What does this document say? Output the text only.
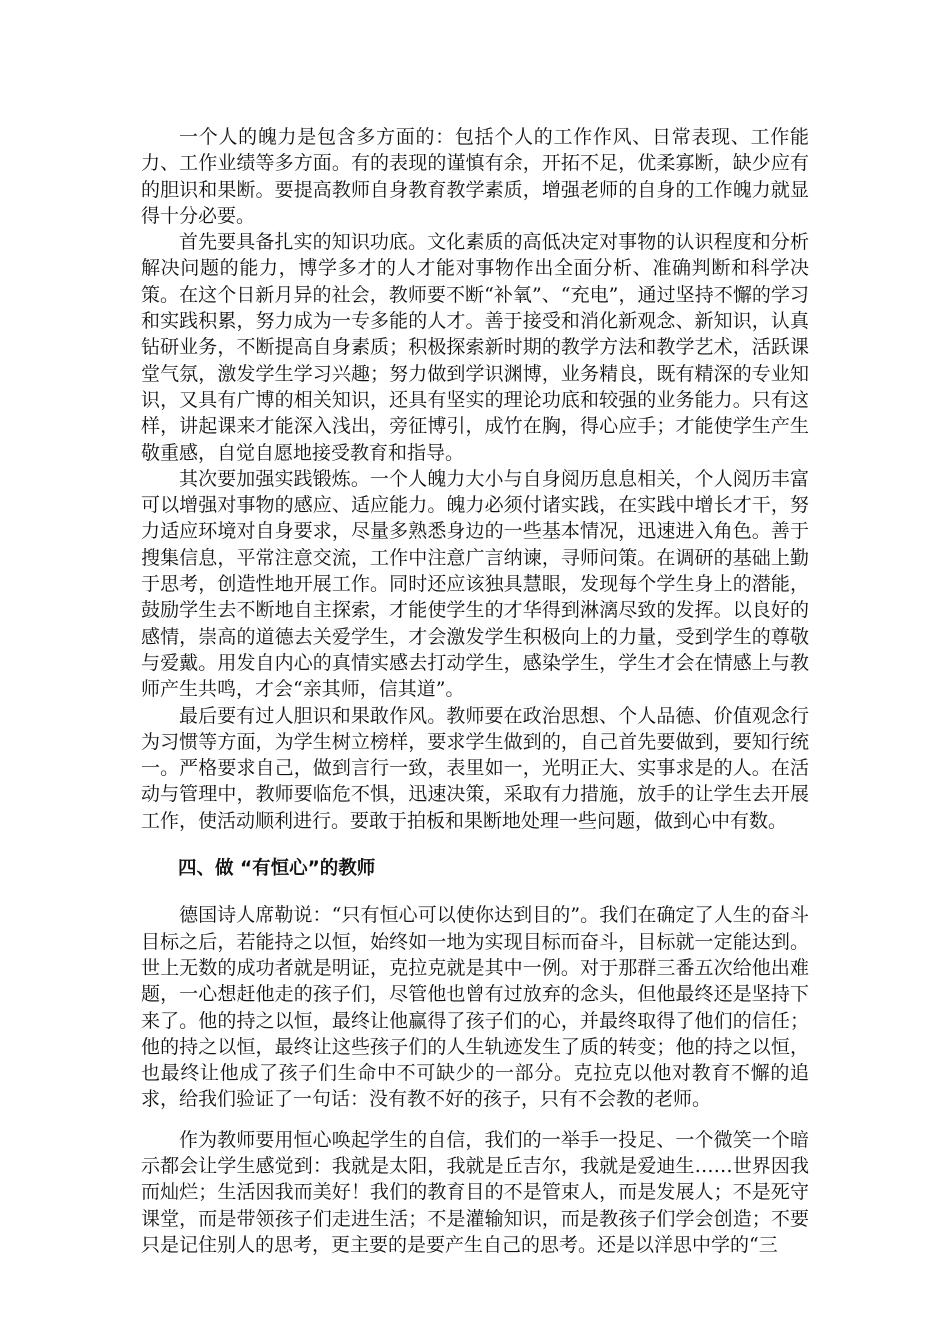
一个人的魄力是包含多方面的：包括个人的工作作风、日常表现、工作能力、工作业绩等多方面。有的表现的谨慎有余，开拓不足，优柔寡断，缺少应有的胆识和果断。要提高教师自身教育教学素质，增强老师的自身的工作魄力就显得十分必要。

首先要具备扎实的知识功底。文化素质的高低决定对事物的认识程度和分析解决问题的能力，博学多才的人才能对事物作出全面分析、准确判断和科学决策。在这个日新月异的社会，教师要不断“补氧”、“充电”，通过坚持不懈的学习和实践积累，努力成为一专多能的人才。善于接受和消化新观念、新知识，认真钻研业务，不断提高自身素质；积极探索新时期的教学方法和教学艺术，活跃课堂气氛，激发学生学习兴趣；努力做到学识渊博，业务精良，既有精深的专业知识，又具有广博的相关知识，还具有坚实的理论功底和较强的业务能力。只有这样，讲起课来才能深入浅出，旁征博引，成竹在胸，得心应手；才能使学生产生敬重感，自觉自愿地接受教育和指导。

其次要加强实践锻炼。一个人魄力大小与自身阅历息息相关，个人阅历丰富可以增强对事物的感应、适应能力。魄力必须付诸实践，在实践中增长才干，努力适应环境对自身要求，尽量多熟悉身边的一些基本情况，迅速进入角色。善于搜集信息，平常注意交流，工作中注意广言纳谏，寻师问策。在调研的基础上勤于思考，创造性地开展工作。同时还应该独具慧眼，发现每个学生身上的潜能，鼓励学生去不断地自主探索，才能使学生的才华得到淋漓尽致的发挥。以良好的感情，崇高的道德去关爱学生，才会激发学生积极向上的力量，受到学生的尊敬与爱戴。用发自内心的真情实感去打动学生，感染学生，学生才会在情感上与教师产生共鸣，才会“亲其师，信其道”。

最后要有过人胆识和果敢作风。教师要在政治思想、个人品德、价值观念行为习惯等方面，为学生树立榜样，要求学生做到的，自己首先要做到，要知行统一。严格要求自己，做到言行一致，表里如一，光明正大、实事求是的人。在活动与管理中，教师要临危不惧，迅速决策，采取有力措施，放手的让学生去开展工作，使活动顺利进行。要敢于拍板和果断地处理一些问题，做到心中有数。

四、做 “有恒心”的教师

德国诗人席勒说：“只有恒心可以使你达到目的”。我们在确定了人生的奋斗目标之后，若能持之以恒，始终如一地为实现目标而奋斗，目标就一定能达到。世上无数的成功者就是明证，克拉克就是其中一例。对于那群三番五次给他出难题，一心想赶他走的孩子们，尽管他也曾有过放弃的念头，但他最终还是坚持下来了。他的持之以恒，最终让他赢得了孩子们的心，并最终取得了他们的信任；他的持之以恒，最终让这些孩子们的人生轨迹发生了质的转变；他的持之以恒，也最终让他成了孩子们生命中不可缺少的一部分。克拉克以他对教育不懈的追求，给我们验证了一句话：没有教不好的孩子，只有不会教的老师。

作为教师要用恒心唤起学生的自信，我们的一举手一投足、一个微笑一个暗示都会让学生感觉到：我就是太阳，我就是丘吉尔，我就是爱迪生……世界因我而灿烂；生活因我而美好！我们的教育目的不是管束人，而是发展人；不是死守课堂，而是带领孩子们走进生活；不是灌输知识，而是教孩子们学会创造；不要只是记住别人的思考，更主要的是要产生自己的思考。还是以洋思中学的“三
